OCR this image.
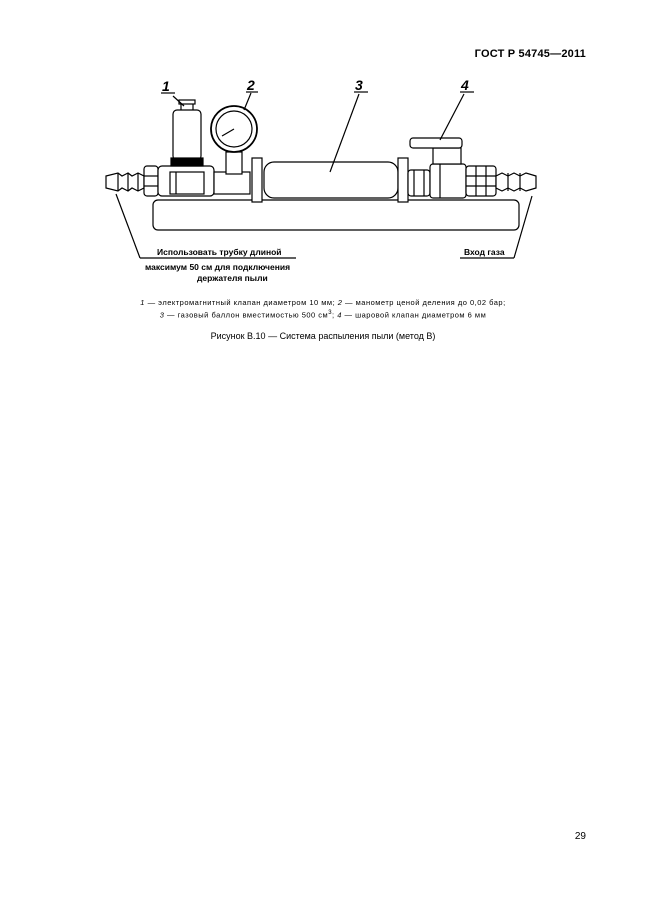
ГОСТ Р 54745—2011
1	2	3	4
Использовать трубку длиной
максимум 50 см для подключения
держателя пыли
Вход газа
1 — электромагнитный клапан диаметром 10 мм; 2 — манометр ценой деления до 0,02 бар;
3 — газовый баллон вместимостью 500 $см^3$; 4 — шаровой клапан диаметром 6 мм
Рисунок В.10 — Система распыления пыли (метод В)
29
